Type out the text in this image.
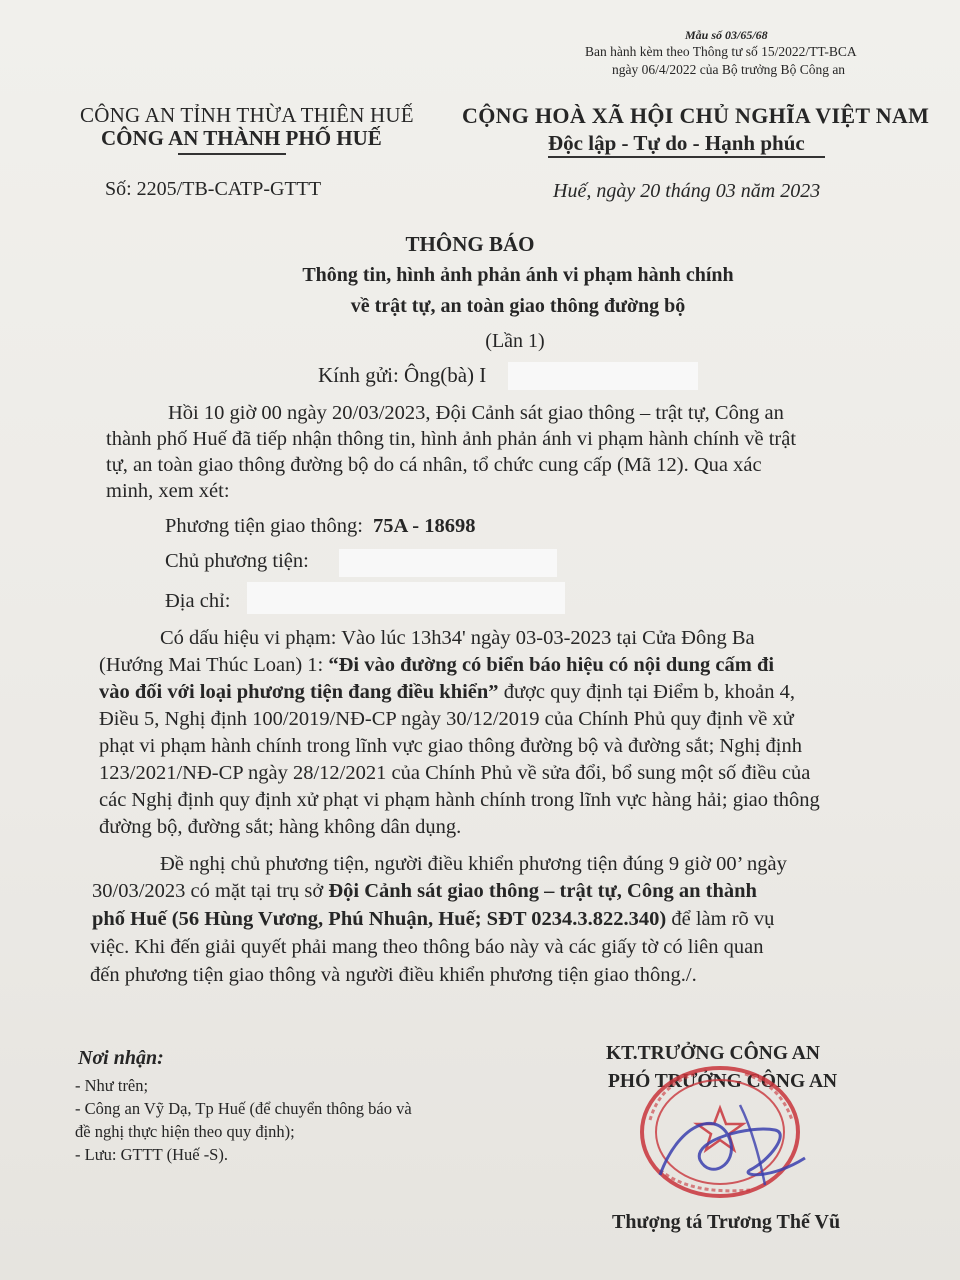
Ban hành kèm theo Thông tư số 15/2022/TT-BCA
ngày 06/4/2022 của Bộ trưởng Bộ Công an
Mẫu số 03/65/68
CÔNG AN TỈNH THỪA THIÊN HUẾ
CÔNG AN THÀNH PHỐ HUẾ
CỘNG HOÀ XÃ HỘI CHỦ NGHĨA VIỆT NAM
Độc lập - Tự do - Hạnh phúc
Số: 2205/TB-CATP-GTTT	Huế, ngày 20 tháng 03 năm 2023
THÔNG BÁO
Thông tin, hình ảnh phản ánh vi phạm hành chính
về trật tự, an toàn giao thông đường bộ
(Lần 1)
Kính gửi: Ông(bà) I
Hồi 10 giờ 00 ngày 20/03/2023, Đội Cảnh sát giao thông – trật tự, Công an
thành phố Huế đã tiếp nhận thông tin, hình ảnh phản ánh vi phạm hành chính về trật
tự, an toàn giao thông đường bộ do cá nhân, tổ chức cung cấp (Mã 12). Qua xác
minh, xem xét:
Phương tiện giao thông: 75A - 18698
Chủ phương tiện:
Địa chỉ:
Có dấu hiệu vi phạm: Vào lúc 13h34' ngày 03-03-2023 tại Cửa Đông Ba
(Hướng Mai Thúc Loan) 1: “Đi vào đường có biển báo hiệu có nội dung cấm đi
vào đối với loại phương tiện đang điều khiển” được quy định tại Điểm b, khoản 4,
Điều 5, Nghị định 100/2019/NĐ-CP ngày 30/12/2019 của Chính Phủ quy định về xử
phạt vi phạm hành chính trong lĩnh vực giao thông đường bộ và đường sắt; Nghị định
123/2021/NĐ-CP ngày 28/12/2021 của Chính Phủ về sửa đổi, bổ sung một số điều của
các Nghị định quy định xử phạt vi phạm hành chính trong lĩnh vực hàng hải; giao thông
đường bộ, đường sắt; hàng không dân dụng.
Đề nghị chủ phương tiện, người điều khiển phương tiện đúng 9 giờ 00’ ngày
30/03/2023 có mặt tại trụ sở Đội Cảnh sát giao thông – trật tự, Công an thành
phố Huế (56 Hùng Vương, Phú Nhuận, Huế; SĐT 0234.3.822.340) để làm rõ vụ
việc. Khi đến giải quyết phải mang theo thông báo này và các giấy tờ có liên quan
đến phương tiện giao thông và người điều khiển phương tiện giao thông./.
Nơi nhận:
- Như trên;
- Công an Vỹ Dạ, Tp Huế (để chuyển thông báo và
đề nghị thực hiện theo quy định);
- Lưu: GTTT (Huế -S).
KT.TRƯỞNG CÔNG AN
PHÓ TRƯỞNG CÔNG AN
Thượng tá Trương Thế Vũ
